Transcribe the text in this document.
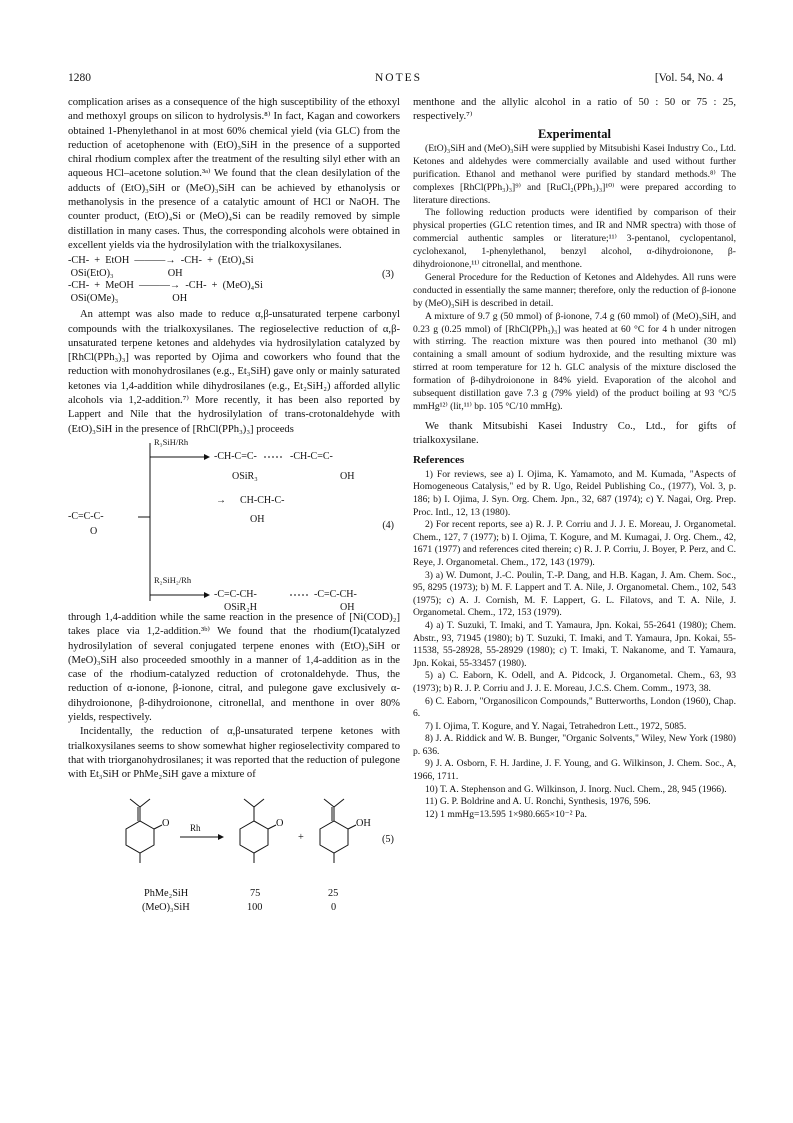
1280	NOTES	[Vol. 54, No. 4

complication arises as a consequence of the high susceptibility of the ethoxyl and methoxyl groups on silicon to hydrolysis.⁸⁾ In fact, Kagan and coworkers obtained 1-Phenylethanol in at most 60% chemical yield (via GLC) from the reduction of acetophenone with (EtO)₃SiH in the presence of a supported chiral rhodium complex after the treatment of the resulting silyl ether with an aqueous HCl–acetone solution.³ᵃ⁾ We found that the clean desilylation of the adducts of (EtO)₃SiH or (MeO)₃SiH can be achieved by ethanolysis or methanolysis in the presence of a catalytic amount of HCl or NaOH. The counter product, (EtO)₄Si or (MeO)₄Si can be readily removed by simple distillation in many cases. Thus, the corresponding alcohols were obtained in excellent yields via the hydrosilylation with the trialkoxysilanes.

-CH-  +  EtOH  ———→  -CH-  +  (EtO)₄Si
OSi(EtO)₃                     OH
-CH-  +  MeOH  ———→  -CH-  +  (MeO)₄Si
OSi(OMe)₃                     OH
(3)

An attempt was also made to reduce α,β-unsaturated terpene carbonyl compounds with the trialkoxysilanes. The regioselective reduction of α,β-unsaturated terpene ketones and aldehydes via hydrosilylation catalyzed by [RhCl(PPh₃)₃] was reported by Ojima and coworkers who found that the reduction with monohydrosilanes (e.g., Et₃SiH) gave only or mainly saturated ketones via 1,4-addition while dihydrosilanes (e.g., Et₂SiH₂) afforded allylic alcohols via 1,2-addition.⁷⁾ More recently, it has been also reported by Lappert and Nile that the hydrosilylation of trans-crotonaldehyde with (EtO)₃SiH in the presence of [RhCl(PPh₃)₃] proceeds

R₃SiH/Rh
-CH-C=C-	-CH-C=C-
OSiR₃	OH
→ CH-CH-C-
OH
-C=C-C-
O
(4)
R₂SiH₂/Rh
-C=C-CH-	-C=C-CH-
OSiR₂H	OH

through 1,4-addition while the same reaction in the presence of [Ni(COD)₂] takes place via 1,2-addition.³ᵇ⁾ We found that the rhodium(I)catalyzed hydrosilylation of several conjugated terpene enones with (EtO)₃SiH or (MeO)₃SiH also proceeded smoothly in a manner of 1,4-addition as in the case of the rhodium-catalyzed reduction of crotonaldehyde. Thus, the reduction of α-ionone, β-ionone, citral, and pulegone gave exclusively α-dihydroionone, β-dihydroionone, citronellal, and menthone in over 80% yields, respectively.

Incidentally, the reduction of α,β-unsaturated terpene ketones with trialkoxysilanes seems to show somewhat higher regioselectivity compared to that with triorganohydrosilanes; it was reported that the reduction of pulegone with Et₃SiH or PhMe₂SiH gave a mixture of

O Rh	O
+
OH
(5)
PhMe₂SiH	75	25
(MeO)₃SiH	100	0

menthone and the allylic alcohol in a ratio of 50 : 50 or 75 : 25, respectively.⁷⁾

Experimental

(EtO)₃SiH and (MeO)₃SiH were supplied by Mitsubishi Kasei Industry Co., Ltd. Ketones and aldehydes were commercially available and used without further purification. Ethanol and methanol were purified by standard methods.⁸⁾ The complexes [RhCl(PPh₃)₃]⁹⁾ and [RuCl₂(PPh₃)₃]¹⁰⁾ were prepared according to literature directions.

The following reduction products were identified by comparison of their physical properties (GLC retention times, and IR and NMR spectra) with those of commercial authentic samples or literature;¹¹⁾ 3-pentanol, cyclopentanol, cyclohexanol, 1-phenylethanol, benzyl alcohol, α-dihydroionone, β-dihydroionone,¹¹⁾ citronellal, and menthone.

General Procedure for the Reduction of Ketones and Aldehydes. All runs were conducted in essentially the same manner; therefore, only the reduction of β-ionone by (MeO)₃SiH is described in detail.

A mixture of 9.7 g (50 mmol) of β-ionone, 7.4 g (60 mmol) of (MeO)₃SiH, and 0.23 g (0.25 mmol) of [RhCl(PPh₃)₃] was heated at 60 °C for 4 h under nitrogen with stirring. The reaction mixture was then poured into methanol (30 ml) containing a small amount of sodium hydroxide, and the resulting mixture was stirred at room temperature for 12 h. GLC analysis of the mixture disclosed the formation of β-dihydroionone in 84% yield. Evaporation of the alcohol and subsequent distillation gave 7.3 g (79% yield) of the product boiling at 93 °C/5 mmHg¹²⁾ (lit,¹¹⁾ bp. 105 °C/10 mmHg).

We thank Mitsubishi Kasei Industry Co., Ltd., for gifts of trialkoxysilane.

References

1) For reviews, see a) I. Ojima, K. Yamamoto, and M. Kumada, "Aspects of Homogeneous Catalysis," ed by R. Ugo, Reidel Publishing Co., (1977), Vol. 3, p. 186; b) I. Ojima, J. Syn. Org. Chem. Jpn., 32, 687 (1974); c) Y. Nagai, Org. Prep. Proc. Intl., 12, 13 (1980).

2) For recent reports, see a) R. J. P. Corriu and J. J. E. Moreau, J. Organometal. Chem., 127, 7 (1977); b) I. Ojima, T. Kogure, and M. Kumagai, J. Org. Chem., 42, 1671 (1977) and references cited therein; c) R. J. P. Corriu, J. Boyer, P. Perz, and C. Reye, J. Organometal. Chem., 172, 143 (1979).

3) a) W. Dumont, J.-C. Poulin, T.-P. Dang, and H.B. Kagan, J. Am. Chem. Soc., 95, 8295 (1973); b) M. F. Lappert and T. A. Nile, J. Organometal. Chem., 102, 543 (1975); c) A. J. Cornish, M. F. Lappert, G. L. Filatovs, and T. A. Nile, J. Organometal. Chem., 172, 153 (1979).

4) a) T. Suzuki, T. Imaki, and T. Yamaura, Jpn. Kokai, 55-2641 (1980); Chem. Abstr., 93, 71945 (1980); b) T. Suzuki, T. Imaki, and T. Yamaura, Jpn. Kokai, 55-11538, 55-28928, 55-28929 (1980); c) T. Imaki, T. Nakanome, and T. Yamaura, Jpn. Kokai, 55-33457 (1980).

5) a) C. Eaborn, K. Odell, and A. Pidcock, J. Organometal. Chem., 63, 93 (1973); b) R. J. P. Corriu and J. J. E. Moreau, J.C.S. Chem. Comm., 1973, 38.

6) C. Eaborn, "Organosilicon Compounds," Butterworths, London (1960), Chap. 6.

7) I. Ojima, T. Kogure, and Y. Nagai, Tetrahedron Lett., 1972, 5085.

8) J. A. Riddick and W. B. Bunger, "Organic Solvents," Wiley, New York (1980) p. 636.

9) J. A. Osborn, F. H. Jardine, J. F. Young, and G. Wilkinson, J. Chem. Soc., A, 1966, 1711.

10) T. A. Stephenson and G. Wilkinson, J. Inorg. Nucl. Chem., 28, 945 (1966).

11) G. P. Boldrine and A. U. Ronchi, Synthesis, 1976, 596.

12) 1 mmHg=13.595 1×980.665×10⁻² Pa.
